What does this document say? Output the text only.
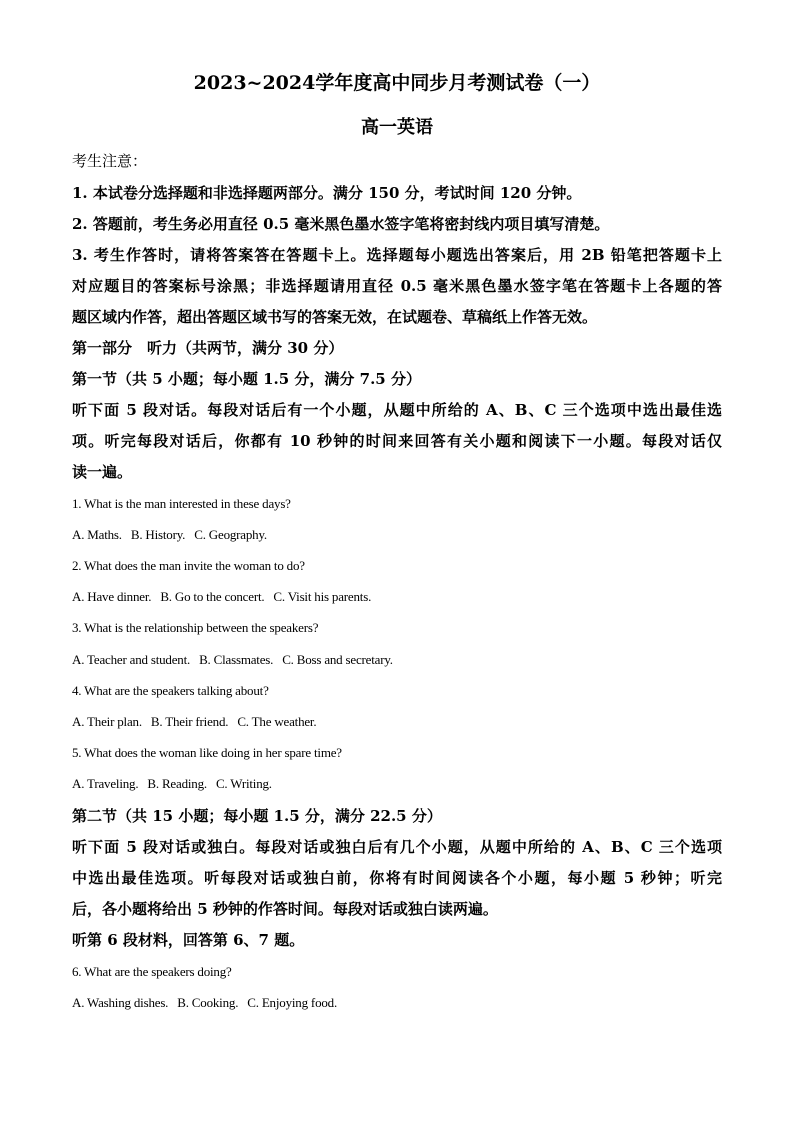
2023~2024学年度高中同步月考测试卷（一）
高一英语
考生注意：
1. 本试卷分选择题和非选择题两部分。满分 150 分，考试时间 120 分钟。
2. 答题前，考生务必用直径 0.5 毫米黑色墨水签字笔将密封线内项目填写清楚。
3. 考生作答时，请将答案答在答题卡上。选择题每小题选出答案后，用 2B 铅笔把答题卡上
对应题目的答案标号涂黑；非选择题请用直径 0.5 毫米黑色墨水签字笔在答题卡上各题的答
题区域内作答，超出答题区域书写的答案无效，在试题卷、草稿纸上作答无效。
第一部分　听力（共两节，满分 30 分）
第一节（共 5 小题；每小题 1.5 分，满分 7.5 分）
听下面 5 段对话。每段对话后有一个小题，从题中所给的 A、B、C 三个选项中选出最佳选
项。听完每段对话后，你都有 10 秒钟的时间来回答有关小题和阅读下一小题。每段对话仅
读一遍。
1. What is the man interested in these days?
A. Maths. B. History. C. Geography.
2. What does the man invite the woman to do?
A. Have dinner. B. Go to the concert. C. Visit his parents.
3. What is the relationship between the speakers?
A. Teacher and student. B. Classmates. C. Boss and secretary.
4. What are the speakers talking about?
A. Their plan. B. Their friend. C. The weather.
5. What does the woman like doing in her spare time?
A. Traveling. B. Reading. C. Writing.
第二节（共 15 小题；每小题 1.5 分，满分 22.5 分）
听下面 5 段对话或独白。每段对话或独白后有几个小题，从题中所给的 A、B、C 三个选项
中选出最佳选项。听每段对话或独白前，你将有时间阅读各个小题，每小题 5 秒钟；听完
后，各小题将给出 5 秒钟的作答时间。每段对话或独白读两遍。
听第 6 段材料，回答第 6、7 题。
6. What are the speakers doing?
A. Washing dishes. B. Cooking. C. Enjoying food.
